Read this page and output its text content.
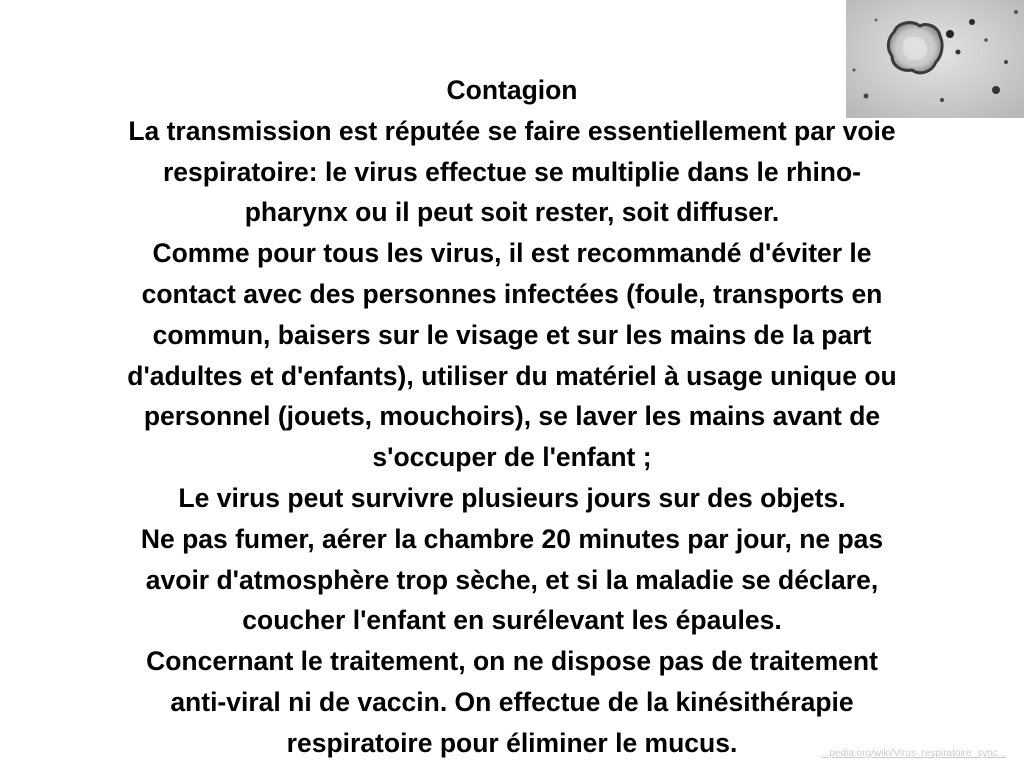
Contagion
La transmission est réputée se faire essentiellement par voie
respiratoire: le virus effectue se multiplie dans le rhino-
pharynx ou il peut soit rester, soit diffuser.
Comme pour tous les virus, il est recommandé d'éviter le
contact avec des personnes infectées (foule, transports en
commun, baisers sur le visage et sur les mains de la part
d'adultes et d'enfants), utiliser du matériel à usage unique ou
personnel (jouets, mouchoirs), se laver les mains avant de
s'occuper de l'enfant ;
Le virus peut survivre plusieurs jours sur des objets.
Ne pas fumer, aérer la chambre 20 minutes par jour, ne pas
avoir d'atmosphère trop sèche, et si la maladie se déclare,
coucher l'enfant en surélevant les épaules.
Concernant le traitement, on ne dispose pas de traitement
anti-viral ni de vaccin. On effectue de la kinésithérapie
respiratoire pour éliminer le mucus.	...pedia.org/wiki/Virus_respiratoire_sync...
